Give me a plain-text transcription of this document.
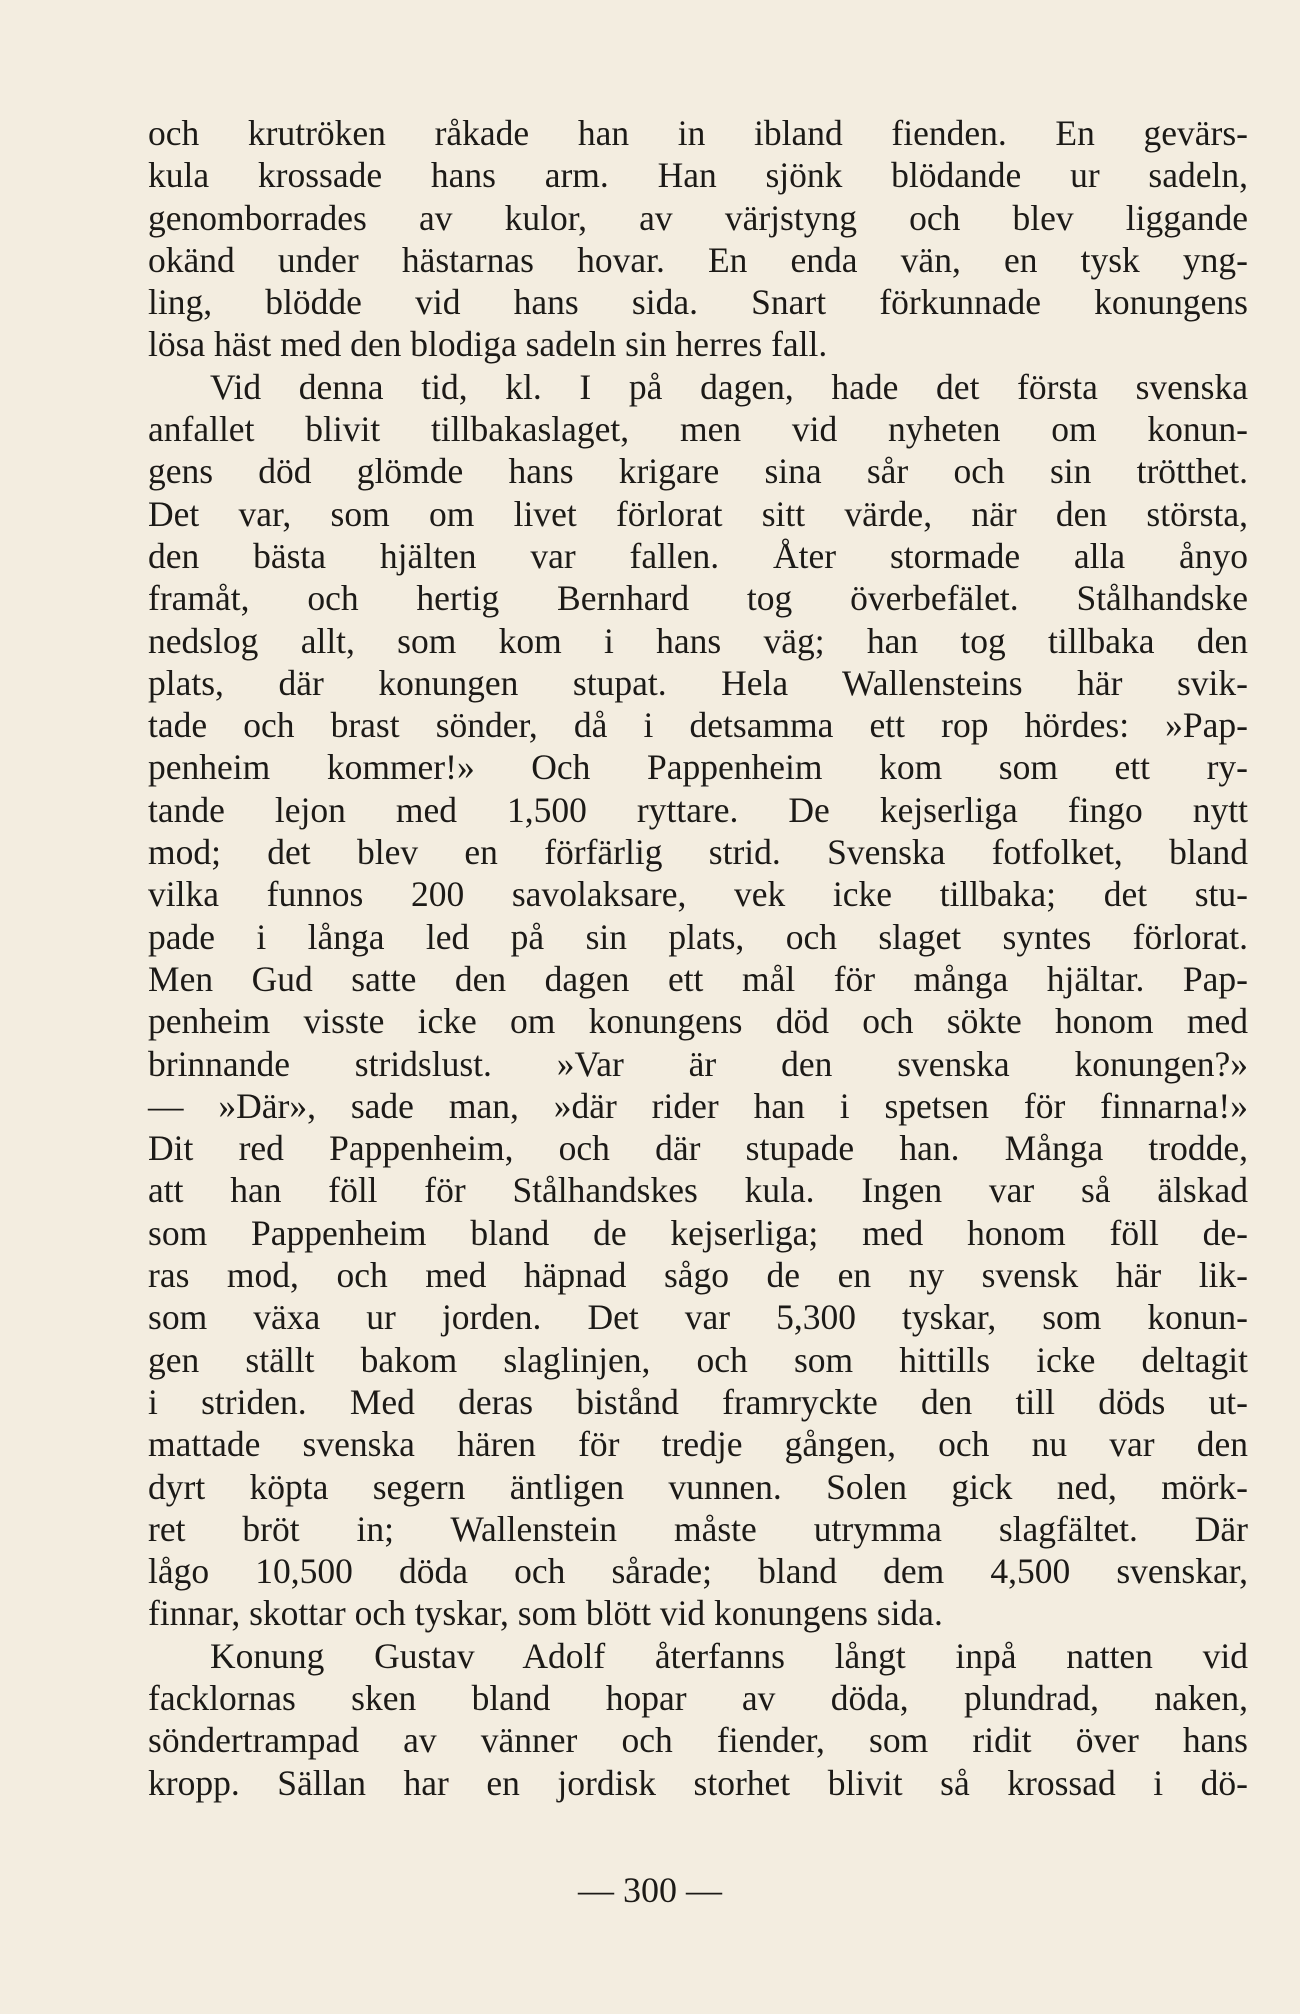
och krutröken råkade han in ibland fienden. En gevärs-
kula krossade hans arm. Han sjönk blödande ur sadeln,
genomborrades av kulor, av värjstyng och blev liggande
okänd under hästarnas hovar. En enda vän, en tysk yng-
ling, blödde vid hans sida. Snart förkunnade konungens
lösa häst med den blodiga sadeln sin herres fall.
Vid denna tid, kl. I på dagen, hade det första svenska
anfallet blivit tillbakaslaget, men vid nyheten om konun-
gens död glömde hans krigare sina sår och sin trötthet.
Det var, som om livet förlorat sitt värde, när den största,
den bästa hjälten var fallen. Åter stormade alla ånyo
framåt, och hertig Bernhard tog överbefälet. Stålhandske
nedslog allt, som kom i hans väg; han tog tillbaka den
plats, där konungen stupat. Hela Wallensteins här svik-
tade och brast sönder, då i detsamma ett rop hördes: »Pap-
penheim kommer!» Och Pappenheim kom som ett ry-
tande lejon med 1,500 ryttare. De kejserliga fingo nytt
mod; det blev en förfärlig strid. Svenska fotfolket, bland
vilka funnos 200 savolaksare, vek icke tillbaka; det stu-
pade i långa led på sin plats, och slaget syntes förlorat.
Men Gud satte den dagen ett mål för många hjältar. Pap-
penheim visste icke om konungens död och sökte honom med
brinnande stridslust. »Var är den svenska konungen?»
— »Där», sade man, »där rider han i spetsen för finnarna!»
Dit red Pappenheim, och där stupade han. Många trodde,
att han föll för Stålhandskes kula. Ingen var så älskad
som Pappenheim bland de kejserliga; med honom föll de-
ras mod, och med häpnad sågo de en ny svensk här lik-
som växa ur jorden. Det var 5,300 tyskar, som konun-
gen ställt bakom slaglinjen, och som hittills icke deltagit
i striden. Med deras bistånd framryckte den till döds ut-
mattade svenska hären för tredje gången, och nu var den
dyrt köpta segern äntligen vunnen. Solen gick ned, mörk-
ret bröt in; Wallenstein måste utrymma slagfältet. Där
lågo 10,500 döda och sårade; bland dem 4,500 svenskar,
finnar, skottar och tyskar, som blött vid konungens sida.
Konung Gustav Adolf återfanns långt inpå natten vid
facklornas sken bland hopar av döda, plundrad, naken,
söndertrampad av vänner och fiender, som ridit över hans
kropp. Sällan har en jordisk storhet blivit så krossad i dö-
— 300 —
